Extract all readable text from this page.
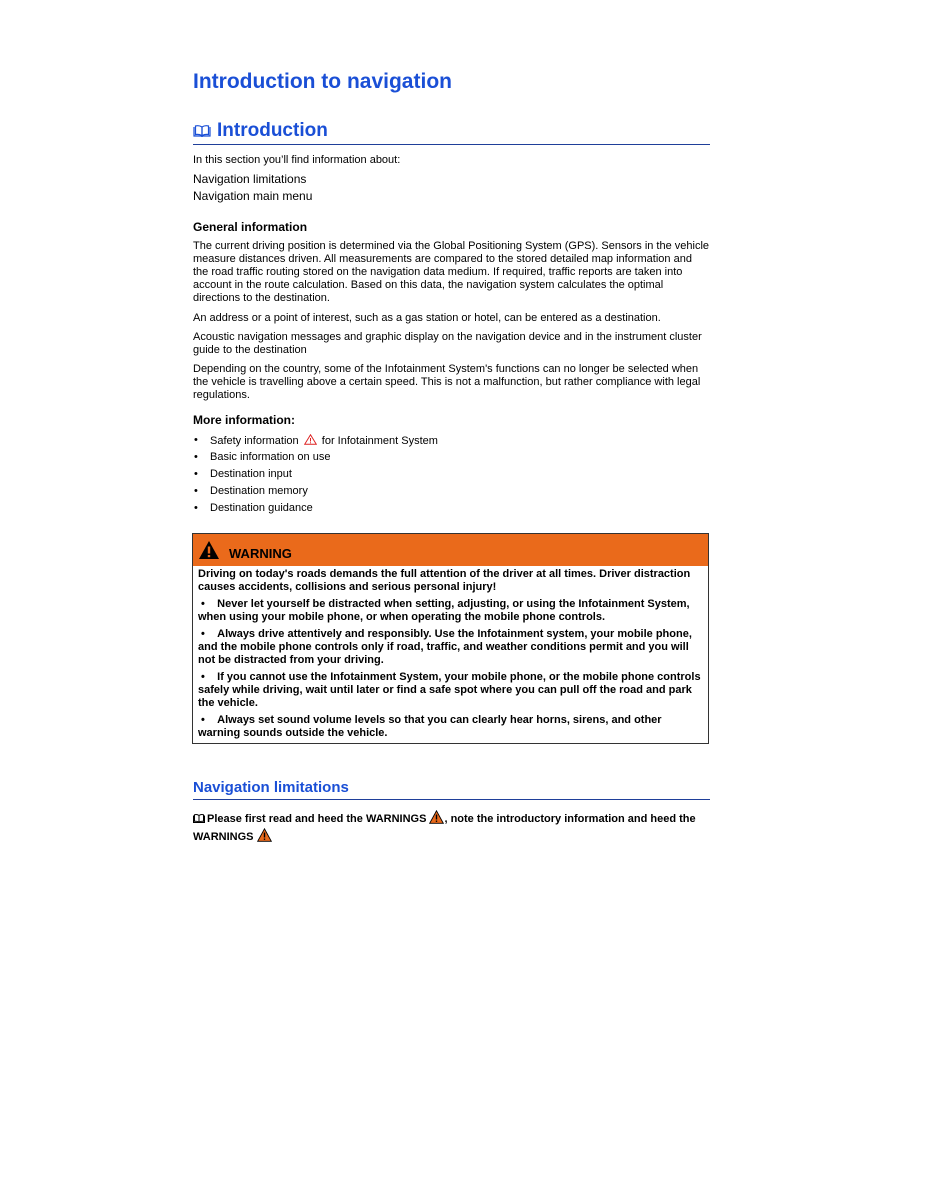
Introduction to navigation
Introduction

In this section you’ll find information about:

Navigation limitations

Navigation main menu

General information

The current driving position is determined via the Global Positioning System (GPS). Sensors in the vehicle measure distances driven. All measurements are compared to the stored detailed map information and the road traffic routing stored on the navigation data medium. If required, traffic reports are taken into account in the route calculation. Based on this data, the navigation system calculates the optimal directions to the destination.

An address or a point of interest, such as a gas station or hotel, can be entered as a destination.

Acoustic navigation messages and graphic display on the navigation device and in the instrument cluster guide to the destination

Depending on the country, some of the Infotainment System's functions can no longer be selected when the vehicle is travelling above a certain speed. This is not a malfunction, but rather compliance with legal regulations.

More information:

• Safety information for Infotainment System
• Basic information on use
• Destination input
• Destination memory
• Destination guidance
WARNING

Driving on today's roads demands the full attention of the driver at all times. Driver distraction causes accidents, collisions and serious personal injury!

•    Never let yourself be distracted when setting, adjusting, or using the Infotainment System, when using your mobile phone, or when operating the mobile phone controls.

•    Always drive attentively and responsibly. Use the Infotainment system, your mobile phone, and the mobile phone controls only if road, traffic, and weather conditions permit and you will not be distracted from your driving.

•    If you cannot use the Infotainment System, your mobile phone, or the mobile phone controls safely while driving, wait until later or find a safe spot where you can pull off the road and park the vehicle.

•    Always set sound volume levels so that you can clearly hear horns, sirens, and other warning sounds outside the vehicle.

Navigation limitations

Please first read and heed the WARNINGS , note the introductory information and heed the WARNINGS
